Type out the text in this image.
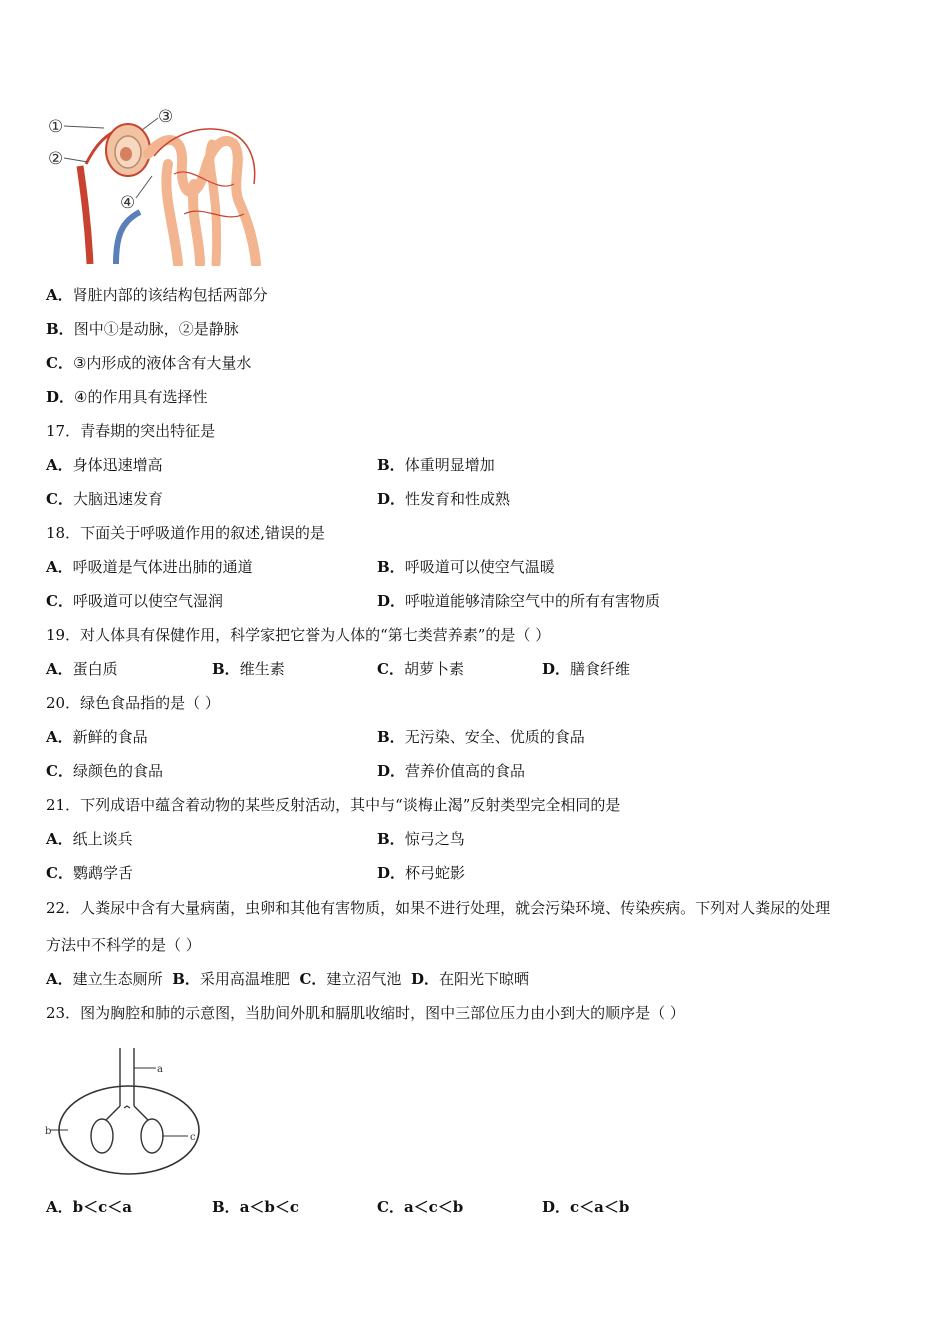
①
②
③
④
A．肾脏内部的该结构包括两部分
B．图中①是动脉，②是静脉
C．③内形成的液体含有大量水
D．④的作用具有选择性
17．青春期的突出特征是
A．身体迅速增高	B．体重明显增加
C．大脑迅速发育	D．性发育和性成熟
18．下面关于呼吸道作用的叙述,错误的是
A．呼吸道是气体进出肺的通道	B．呼吸道可以使空气温暖
C．呼吸道可以使空气湿润	D．呼啦道能够清除空气中的所有有害物质
19．对人体具有保健作用，科学家把它誉为人体的“第七类营养素”的是（ ）
A．蛋白质	B．维生素	C．胡萝卜素	D．膳食纤维
20．绿色食品指的是（ ）
A．新鲜的食品	B．无污染、安全、优质的食品
C．绿颜色的食品	D．营养价值高的食品
21．下列成语中蕴含着动物的某些反射活动，其中与“谈梅止渴”反射类型完全相同的是
A．纸上谈兵	B．惊弓之鸟
C．鹦鹉学舌	D．杯弓蛇影
22．人粪尿中含有大量病菌，虫卵和其他有害物质，如果不进行处理，就会污染环境、传染疾病。下列对人粪尿的处理
方法中不科学的是（ ）
A．建立生态厕所 B．采用高温堆肥 C．建立沼气池 D．在阳光下晾晒
23．图为胸腔和肺的示意图，当肋间外肌和膈肌收缩时，图中三部位压力由小到大的顺序是（ ）
a
b
c
A．b＜c＜a	B．a＜b＜c	C．a＜c＜b	D．c＜a＜b
